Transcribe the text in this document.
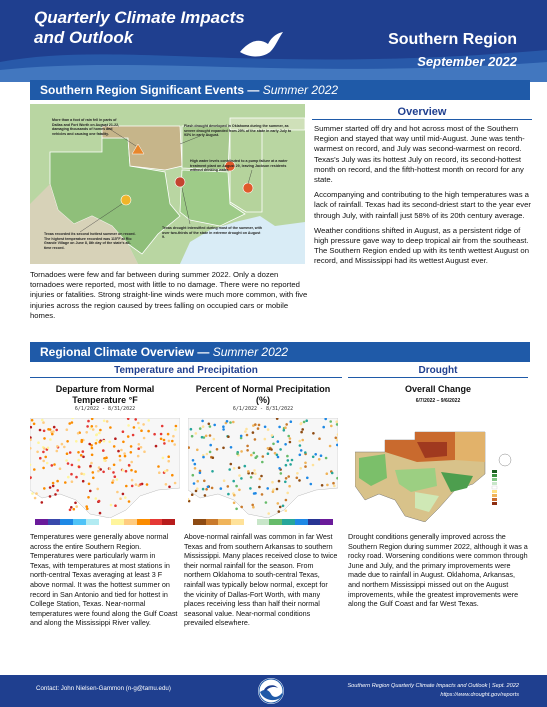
Quarterly Climate Impacts
and Outlook	Southern Region
September 2022
Southern Region Significant Events — Summer 2022
More than a foot of rain fell in parts of Dallas and Fort Worth on August 21-22, damaging thousands of homes and vehicles and causing one fatality.
Flash drought developed in Oklahoma during the summer, as severe drought expanded from 29% of the state in early July to 93% in early August.
High water levels contributed to a pump failure at a water treatment plant on August 29, leaving Jackson residents without drinking water.
Texas recorded its second hottest summer on record. The highest temperature recorded was 115°F at Rio Grande Village on June 8, 8th day of the state's all-time record.
Texas drought intensified during most of the summer, with over two-thirds of the state in extreme drought on August 9.
Overview

Summer started off dry and hot across most of the Southern Region and stayed that way until mid-August. June was tenth-warmest on record, and July was second-warmest on record. Texas's July was its hottest July on record, its second-hottest month on record, and the fifth-hottest month on record for any state.

Accompanying and contributing to the high temperatures was a lack of rainfall. Texas had its second-driest start to the year ever through July, with rainfall just 58% of its 20th century average.

Weather conditions shifted in August, as a persistent ridge of high pressure gave way to deep tropical air from the southeast. The Southern Region ended up with its tenth wettest August on record, and Mississippi had its wettest August ever.

Tornadoes were few and far between during summer 2022. Only a dozen tornadoes were reported, most with little to no damage. There were no reported injuries or fatalities. Strong straight-line winds were much more common, with five injuries across the region caused by trees falling on occupied cars or mobile homes.
Regional Climate Overview — Summer 2022
Temperature and Precipitation	Drought
Departure from Normal Temperature °F
6/1/2022 - 8/31/2022
Percent of Normal Precipitation (%)
6/1/2022 - 8/31/2022
Overall Change
6/7/2022 – 9/6/2022
Temperatures were generally above normal across the entire Southern Region. Temperatures were particularly warm in Texas, with temperatures at most stations in north-central Texas averaging at least 3 F above normal. It was the hottest summer on record in San Antonio and tied for hottest in College Station, Texas. Near-normal temperatures were found along the Gulf Coast and along the Mississippi River valley.
Above-normal rainfall was common in far West Texas and from southern Arkansas to southern Mississippi. Many places received close to twice their normal rainfall for the season. From northern Oklahoma to south-central Texas, rainfall was typically below normal, except for the vicinity of Dallas-Fort Worth, with many places receiving less than half their normal seasonal value. Near-normal conditions prevailed elsewhere.
Drought conditions generally improved across the Southern Region during summer 2022, although it was a rocky road. Worsening conditions were common through June and July, and the primary improvements were made due to rainfall in August. Oklahoma, Arkansas, and northern Mississippi missed out on the August improvements, while the greatest improvements were along the Gulf Coast and far West Texas.
Contact: John Nielsen-Gammon (n-g@tamu.edu)	Southern Region Quarterly Climate Impacts and Outlook | Sept. 2022
https://www.drought.gov/reports
